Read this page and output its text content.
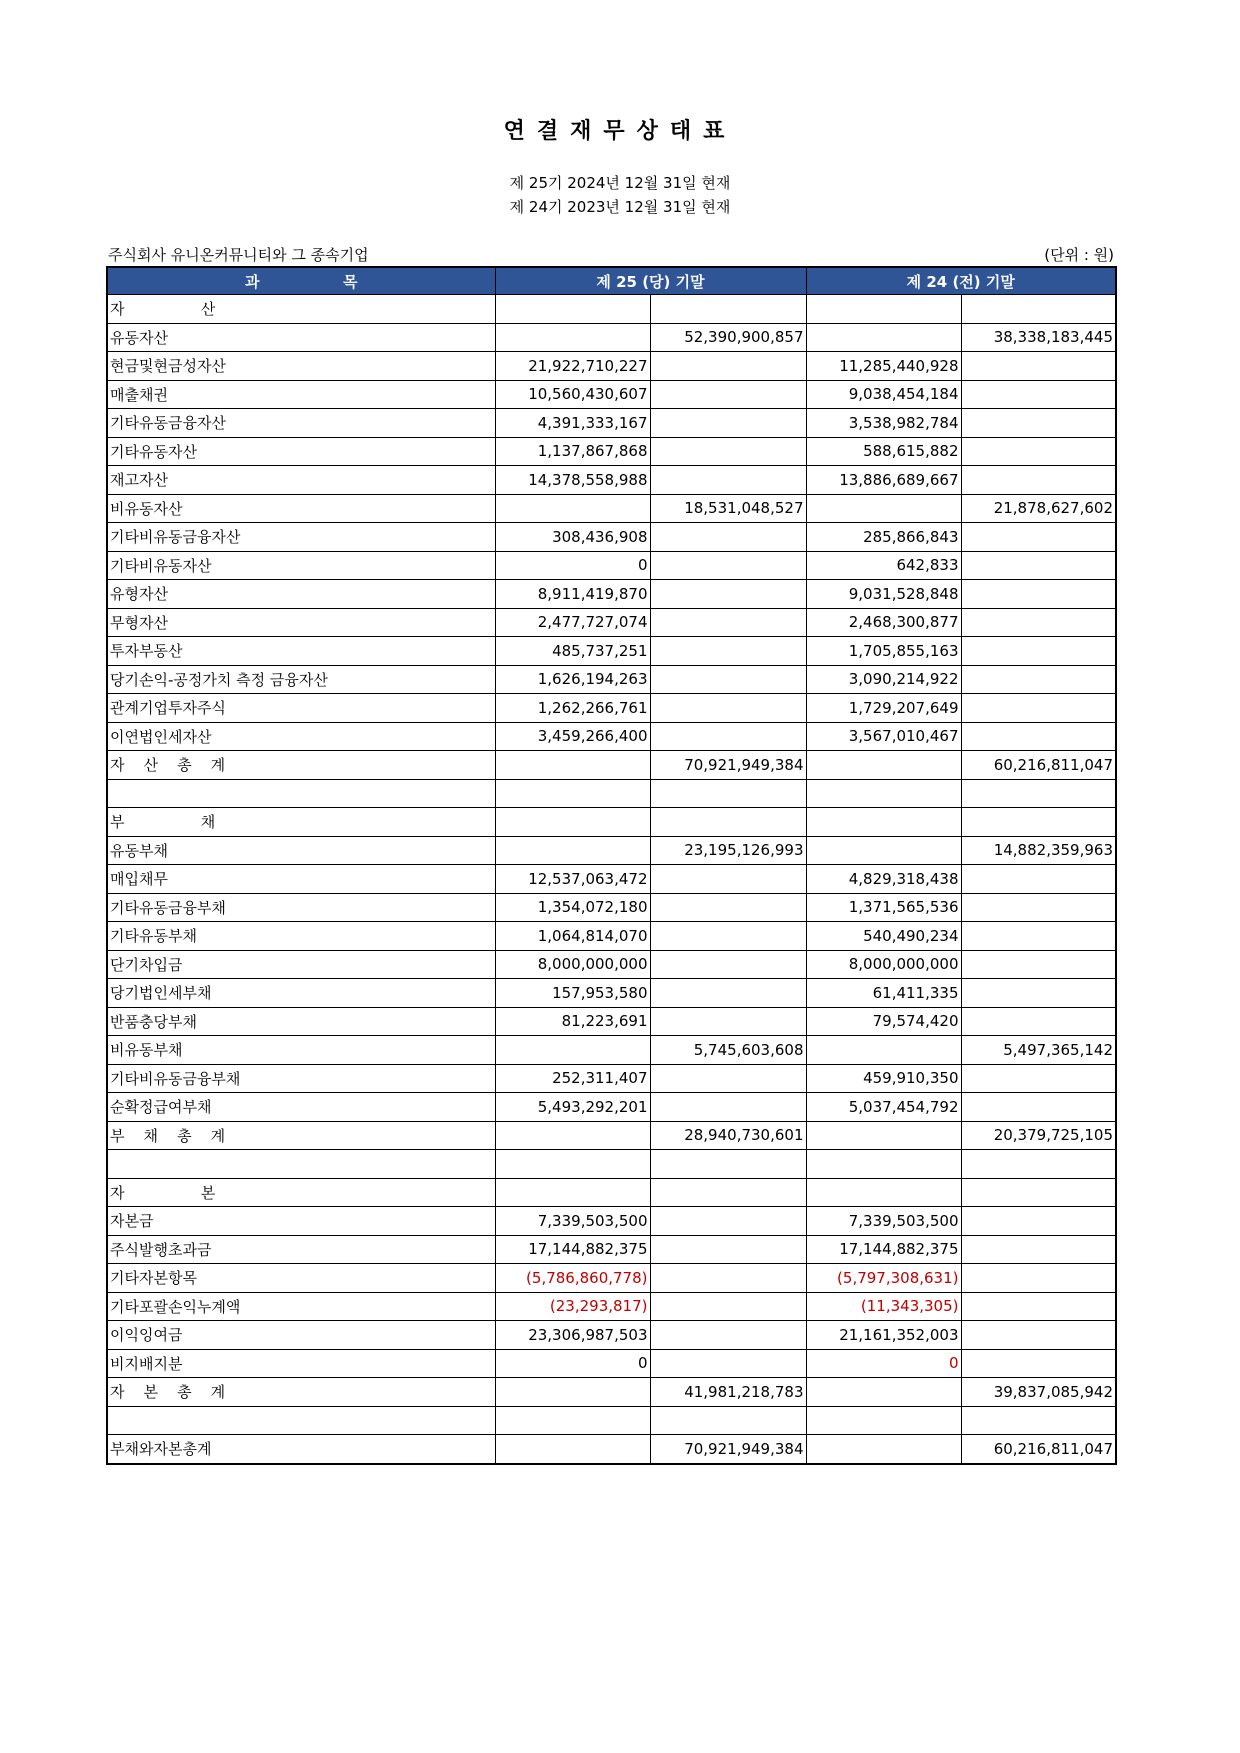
연결재무상태표
제 25기 2024년 12월 31일 현재
제 24기 2023년 12월 31일 현재
주식회사 유니온커뮤니티와 그 종속기업	(단위 : 원)
과                목	제 25 (당) 기말		제 24 (전) 기말	
자                산				
유동자산		52,390,900,857		38,338,183,445
현금및현금성자산	21,922,710,227		11,285,440,928	
매출채권	10,560,430,607		9,038,454,184	
기타유동금융자산	4,391,333,167		3,538,982,784	
기타유동자산	1,137,867,868		588,615,882	
재고자산	14,378,558,988		13,886,689,667	
비유동자산		18,531,048,527		21,878,627,602
기타비유동금융자산	308,436,908		285,866,843	
기타비유동자산	0		642,833	
유형자산	8,911,419,870		9,031,528,848	
무형자산	2,477,727,074		2,468,300,877	
투자부동산	485,737,251		1,705,855,163	
당기손익-공정가치 측정 금융자산	1,626,194,263		3,090,214,922	
관계기업투자주식	1,262,266,761		1,729,207,649	
이연법인세자산	3,459,266,400		3,567,010,467	
자    산    총    계		70,921,949,384		60,216,811,047

부                채				
유동부채		23,195,126,993		14,882,359,963
매입채무	12,537,063,472		4,829,318,438	
기타유동금융부채	1,354,072,180		1,371,565,536	
기타유동부채	1,064,814,070		540,490,234	
단기차입금	8,000,000,000		8,000,000,000	
당기법인세부채	157,953,580		61,411,335	
반품충당부채	81,223,691		79,574,420	
비유동부채		5,745,603,608		5,497,365,142
기타비유동금융부채	252,311,407		459,910,350	
순확정급여부채	5,493,292,201		5,037,454,792	
부    채    총    계		28,940,730,601		20,379,725,105

자                본				
자본금	7,339,503,500		7,339,503,500	
주식발행초과금	17,144,882,375		17,144,882,375	
기타자본항목	(5,786,860,778)		(5,797,308,631)	
기타포괄손익누계액	(23,293,817)		(11,343,305)	
이익잉여금	23,306,987,503		21,161,352,003	
비지배지분	0		0	
자    본    총    계		41,981,218,783		39,837,085,942

부채와자본총계		70,921,949,384		60,216,811,047
